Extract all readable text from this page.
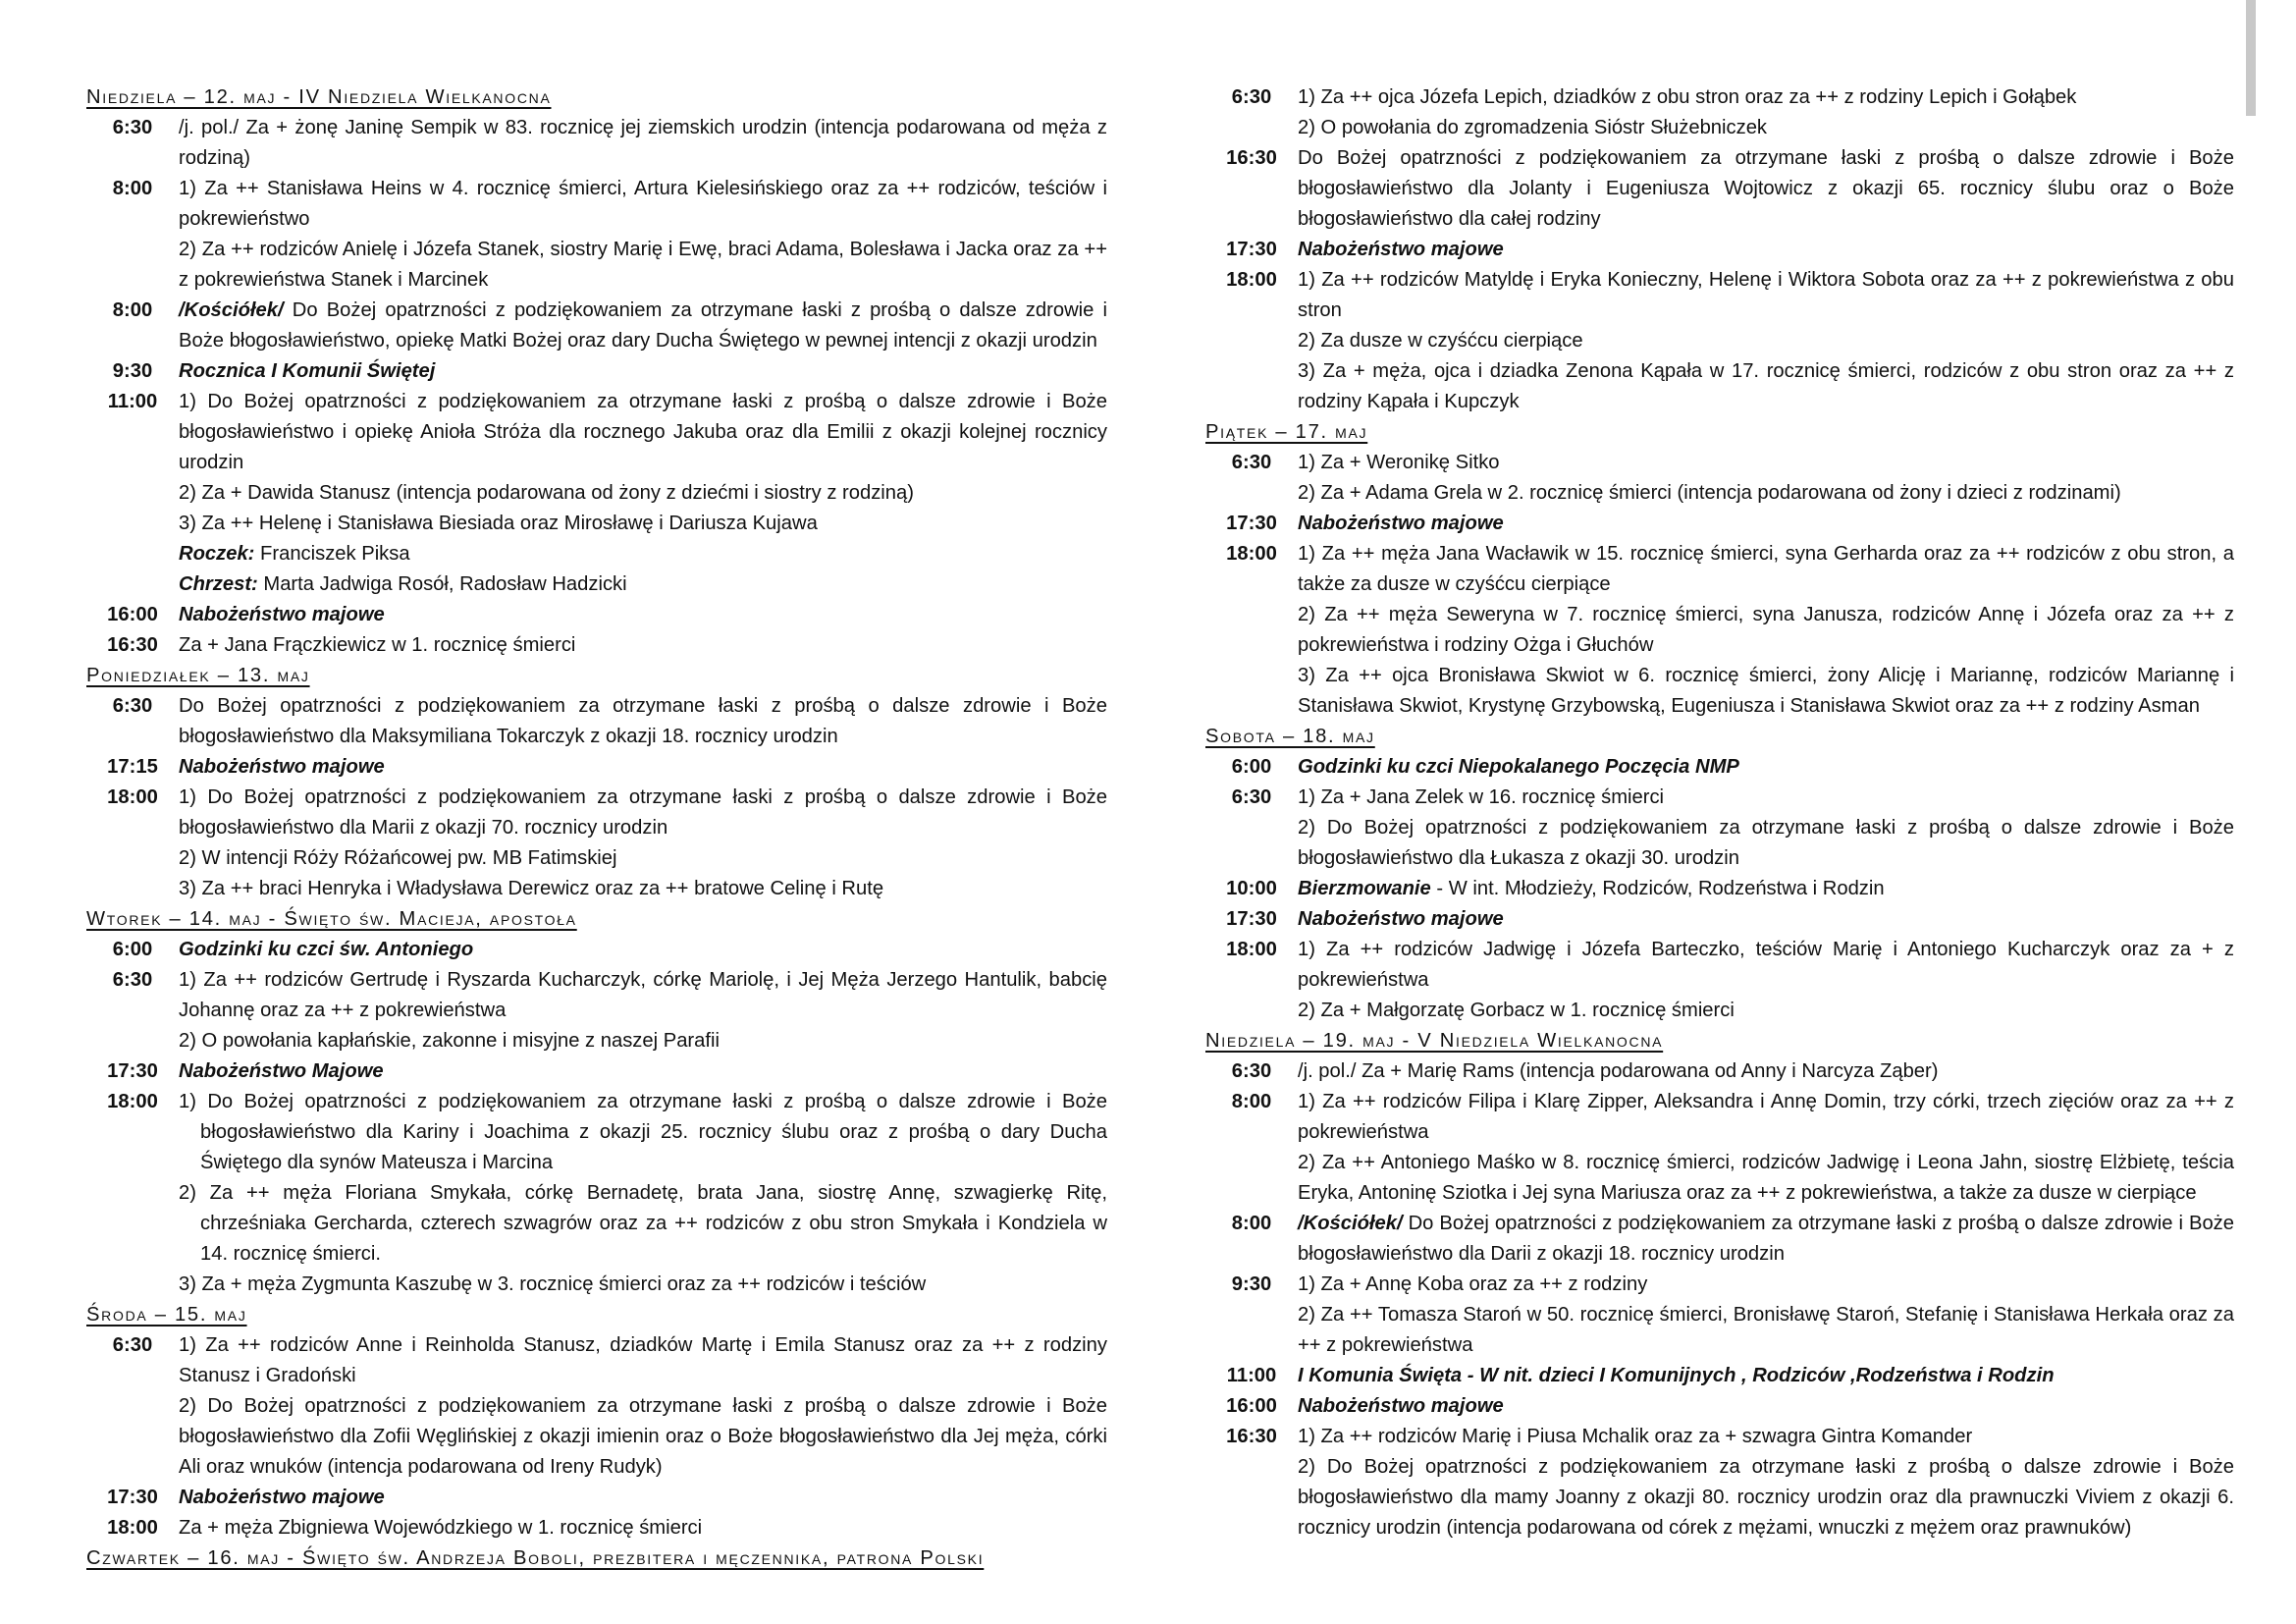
Niedziela – 12. maj - IV Niedziela Wielkanocna
6:30	/j. pol./ Za + żonę Janinę Sempik w 83. rocznicę jej ziemskich urodzin (intencja podarowana od męża z rodziną)
8:00	1) Za ++ Stanisława Heins w 4. rocznicę śmierci, Artura Kielesińskiego oraz za ++ rodziców, teściów i pokrewieństwo
2) Za ++ rodziców Anielę i Józefa Stanek, siostry Marię i Ewę, braci Adama, Bolesława i Jacka oraz za ++ z pokrewieństwa Stanek i Marcinek
8:00	/Kościółek/ Do Bożej opatrzności z podziękowaniem za otrzymane łaski z prośbą o dalsze zdrowie i Boże błogosławieństwo, opiekę Matki Bożej oraz dary Ducha Świętego w pewnej intencji z okazji urodzin
9:30	Rocznica I Komunii Świętej
11:00	1) Do Bożej opatrzności z podziękowaniem za otrzymane łaski z prośbą o dalsze zdrowie i Boże błogosławieństwo i opiekę Anioła Stróża dla rocznego Jakuba oraz dla Emilii z okazji kolejnej rocznicy urodzin
2) Za + Dawida Stanusz (intencja podarowana od żony z dziećmi i siostry z rodziną)
3) Za ++ Helenę i Stanisława Biesiada oraz Mirosławę i Dariusza Kujawa
Roczek: Franciszek Piksa
Chrzest: Marta Jadwiga Rosół, Radosław Hadzicki
16:00	Nabożeństwo majowe
16:30	Za + Jana Frączkiewicz w 1. rocznicę śmierci
Poniedziałek – 13. maj
6:30	Do Bożej opatrzności z podziękowaniem za otrzymane łaski z prośbą o dalsze zdrowie i Boże błogosławieństwo dla Maksymiliana Tokarczyk z okazji 18. rocznicy urodzin
17:15	Nabożeństwo majowe
18:00	1) Do Bożej opatrzności z podziękowaniem za otrzymane łaski z prośbą o dalsze zdrowie i Boże błogosławieństwo dla Marii z okazji 70. rocznicy urodzin
2) W intencji Róży Różańcowej pw. MB Fatimskiej
3) Za ++ braci Henryka i Władysława Derewicz oraz za ++ bratowe Celinę i Rutę
Wtorek – 14. maj - Święto św. Macieja, apostoła
6:00	Godzinki ku czci św. Antoniego
6:30	1) Za ++ rodziców Gertrudę i Ryszarda Kucharczyk, córkę Mariolę, i Jej Męża Jerzego Hantulik, babcię Johannę oraz za ++ z pokrewieństwa
2) O powołania kapłańskie, zakonne i misyjne z naszej Parafii
17:30	Nabożeństwo Majowe
18:00	1) Do Bożej opatrzności z podziękowaniem za otrzymane łaski z prośbą o dalsze zdrowie i Boże błogosławieństwo dla Kariny i Joachima z okazji 25. rocznicy ślubu oraz z prośbą o dary Ducha Świętego dla synów Mateusza i Marcina
2) Za ++ męża Floriana Smykała, córkę Bernadetę, brata Jana, siostrę Annę, szwagierkę Ritę, chrześniaka Gercharda, czterech szwagrów oraz za ++ rodziców z obu stron Smykała i Kondziela w 14. rocznicę śmierci.
3) Za + męża Zygmunta Kaszubę w 3. rocznicę śmierci oraz za ++ rodziców i teściów
Środa – 15. maj
6:30	1) Za ++ rodziców Anne i Reinholda Stanusz, dziadków Martę i Emila Stanusz oraz za ++ z rodziny Stanusz i Gradoński
2) Do Bożej opatrzności z podziękowaniem za otrzymane łaski z prośbą o dalsze zdrowie i Boże błogosławieństwo dla Zofii Węglińskiej z okazji imienin oraz o Boże błogosławieństwo dla Jej męża, córki Ali oraz wnuków (intencja podarowana od Ireny Rudyk)
17:30	Nabożeństwo majowe
18:00	Za + męża Zbigniewa Wojewódzkiego w 1. rocznicę śmierci
Czwartek – 16. maj - Święto św. Andrzeja Boboli, prezbitera i męczennika, patrona Polski
6:30	1) Za ++ ojca Józefa Lepich, dziadków z obu stron oraz za ++ z rodziny Lepich i Gołąbek
2) O powołania do zgromadzenia Sióstr Służebniczek
16:30	Do Bożej opatrzności z podziękowaniem za otrzymane łaski z prośbą o dalsze zdrowie i Boże błogosławieństwo dla Jolanty i Eugeniusza Wojtowicz z okazji 65. rocznicy ślubu oraz o Boże błogosławieństwo dla całej rodziny
17:30	Nabożeństwo majowe
18:00	1) Za ++ rodziców Matyldę i Eryka Konieczny, Helenę i Wiktora Sobota oraz za ++ z pokrewieństwa z obu stron
2) Za dusze w czyśćcu cierpiące
3) Za + męża, ojca i dziadka Zenona Kąpała w 17. rocznicę śmierci, rodziców z obu stron oraz za ++ z rodziny Kąpała i Kupczyk
Piątek – 17. maj
6:30	1) Za + Weronikę Sitko
2) Za + Adama Grela w 2. rocznicę śmierci (intencja podarowana od żony i dzieci z rodzinami)
17:30	Nabożeństwo majowe
18:00	1) Za ++ męża Jana Wacławik w 15. rocznicę śmierci, syna Gerharda oraz za ++ rodziców z obu stron, a także za dusze w czyśćcu cierpiące
2) Za ++ męża Seweryna w 7. rocznicę śmierci, syna Janusza, rodziców Annę i Józefa oraz za ++ z pokrewieństwa i rodziny Ożga i Głuchów
3) Za ++ ojca Bronisława Skwiot w 6. rocznicę śmierci, żony Alicję i Mariannę, rodziców Mariannę i Stanisława Skwiot, Krystynę Grzybowską, Eugeniusza i Stanisława Skwiot oraz za ++ z rodziny Asman
Sobota – 18. maj
6:00	Godzinki ku czci Niepokalanego Poczęcia NMP
6:30	1) Za + Jana Zelek w 16. rocznicę śmierci
2) Do Bożej opatrzności z podziękowaniem za otrzymane łaski z prośbą o dalsze zdrowie i Boże błogosławieństwo dla Łukasza z okazji 30. urodzin
10:00	Bierzmowanie - W int. Młodzieży, Rodziców, Rodzeństwa i Rodzin
17:30	Nabożeństwo majowe
18:00	1) Za ++ rodziców Jadwigę i Józefa Barteczko, teściów Marię i Antoniego Kucharczyk oraz za + z pokrewieństwa
2) Za + Małgorzatę Gorbacz w 1. rocznicę śmierci
Niedziela – 19. maj - V Niedziela Wielkanocna
6:30	/j. pol./ Za + Marię Rams (intencja podarowana od Anny i Narcyza Ząber)
8:00	1) Za ++ rodziców Filipa i Klarę Zipper, Aleksandra i Annę Domin, trzy córki, trzech zięciów oraz za ++ z pokrewieństwa
2) Za ++ Antoniego Maśko w 8. rocznicę śmierci, rodziców Jadwigę i Leona Jahn, siostrę Elżbietę, teścia Eryka, Antoninę Sziotka i Jej syna Mariusza oraz za ++ z pokrewieństwa, a także za dusze w cierpiące
8:00	/Kościółek/ Do Bożej opatrzności z podziękowaniem za otrzymane łaski z prośbą o dalsze zdrowie i Boże błogosławieństwo dla Darii z okazji 18. rocznicy urodzin
9:30	1) Za + Annę Koba oraz za ++ z rodziny
2) Za ++ Tomasza Staroń w 50. rocznicę śmierci, Bronisławę Staroń, Stefanię i Stanisława Herkała oraz za ++ z pokrewieństwa
11:00	I Komunia Święta - W nit. dzieci I Komunijnych , Rodziców ,Rodzeństwa i Rodzin
16:00	Nabożeństwo majowe
16:30	1) Za ++ rodziców Marię i Piusa Mchalik oraz za + szwagra Gintra Komander
2) Do Bożej opatrzności z podziękowaniem za otrzymane łaski z prośbą o dalsze zdrowie i Boże błogosławieństwo dla mamy Joanny z okazji 80. rocznicy urodzin oraz dla prawnuczki Viviem z okazji 6. rocznicy urodzin (intencja podarowana od córek z mężami, wnuczki z mężem oraz prawnuków)
